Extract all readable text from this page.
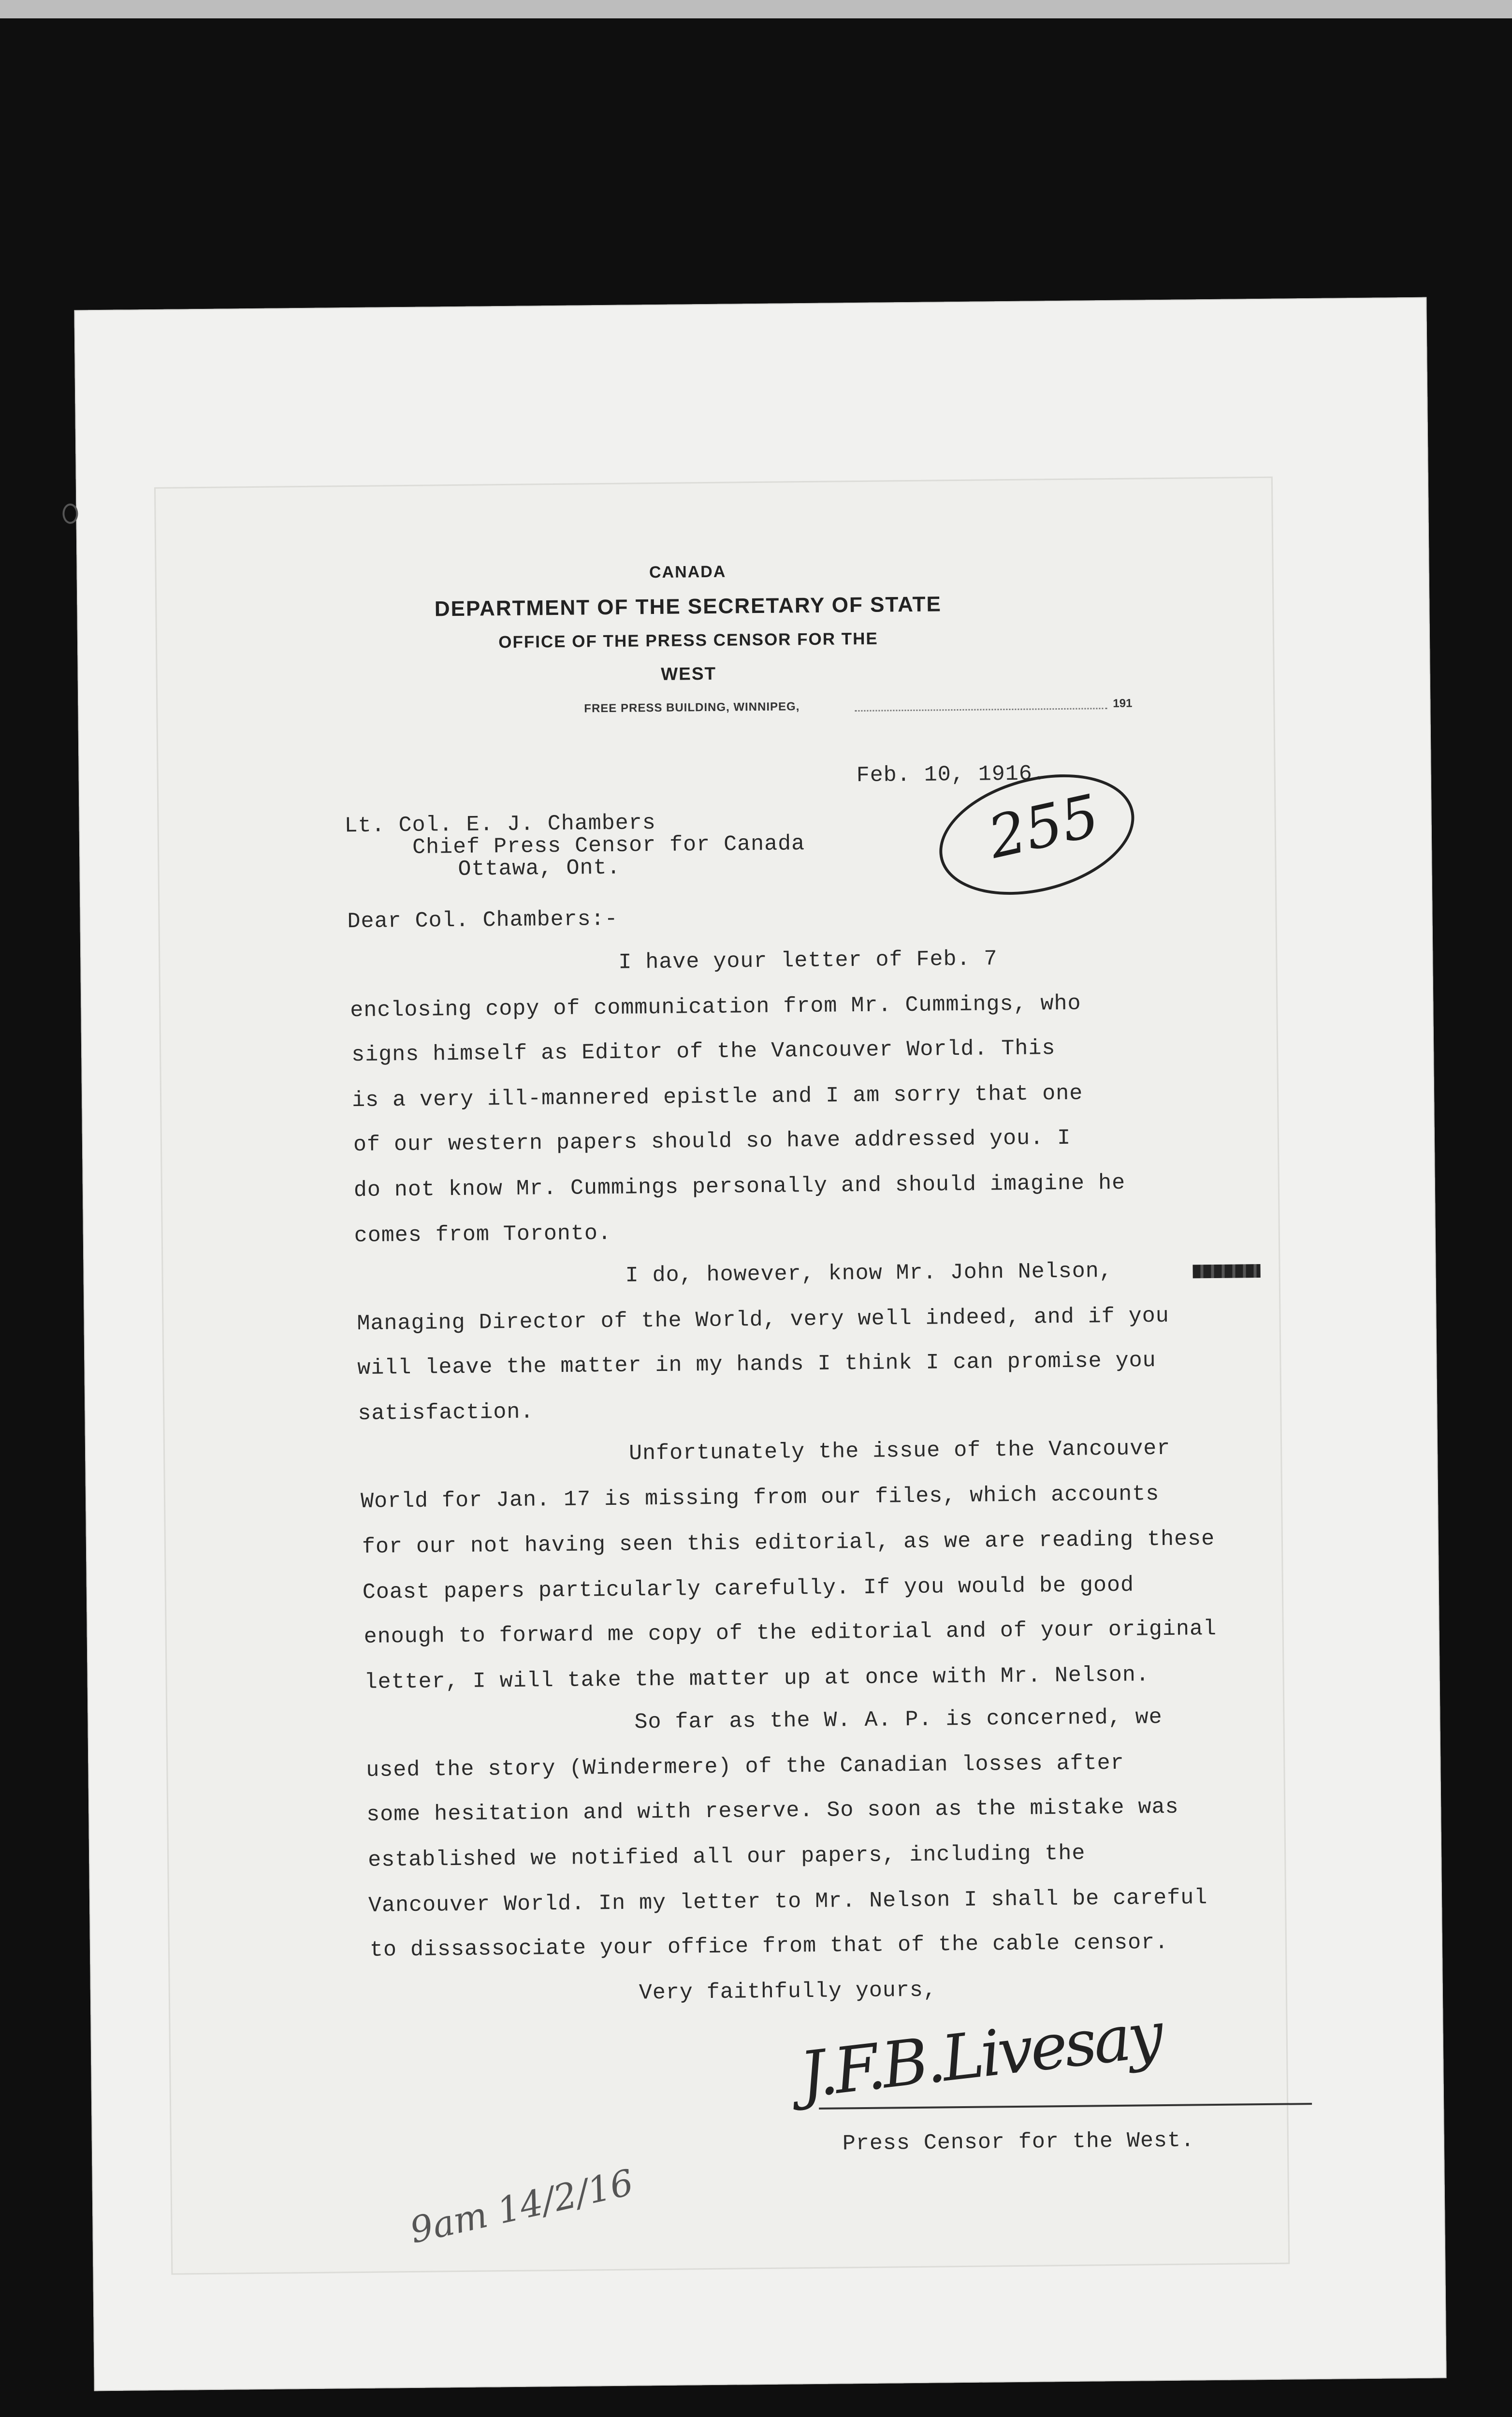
CANADA
DEPARTMENT OF THE SECRETARY OF STATE
OFFICE OF THE PRESS CENSOR FOR THE
WEST
FREE PRESS BUILDING, WINNIPEG,	191
Feb. 10, 1916.
255
Lt. Col. E. J. Chambers
Chief Press Censor for Canada
Ottawa, Ont.
Dear Col. Chambers:-
I have your letter of Feb. 7
enclosing copy of communication from Mr. Cummings, who
signs himself as Editor of the Vancouver World. This
is a very ill-mannered epistle and I am sorry that one
of our western papers should so have addressed you. I
do not know Mr. Cummings personally and should imagine he
comes from Toronto.
I do, however, know Mr. John Nelson,
Managing Director of the World, very well indeed, and if you
will leave the matter in my hands I think I can promise you
satisfaction.
Unfortunately the issue of the Vancouver
World for Jan. 17 is missing from our files, which accounts
for our not having seen this editorial, as we are reading these
Coast papers particularly carefully. If you would be good
enough to forward me copy of the editorial and of your original
letter, I will take the matter up at once with Mr. Nelson.
So far as the W. A. P. is concerned, we
used the story (Windermere) of the Canadian losses after
some hesitation and with reserve. So soon as the mistake was
established we notified all our papers, including the
Vancouver World. In my letter to Mr. Nelson I shall be careful
to dissassociate your office from that of the cable censor.
Very faithfully yours,
J.F.B.Livesay
Press Censor for the West.
9am 14/2/16
